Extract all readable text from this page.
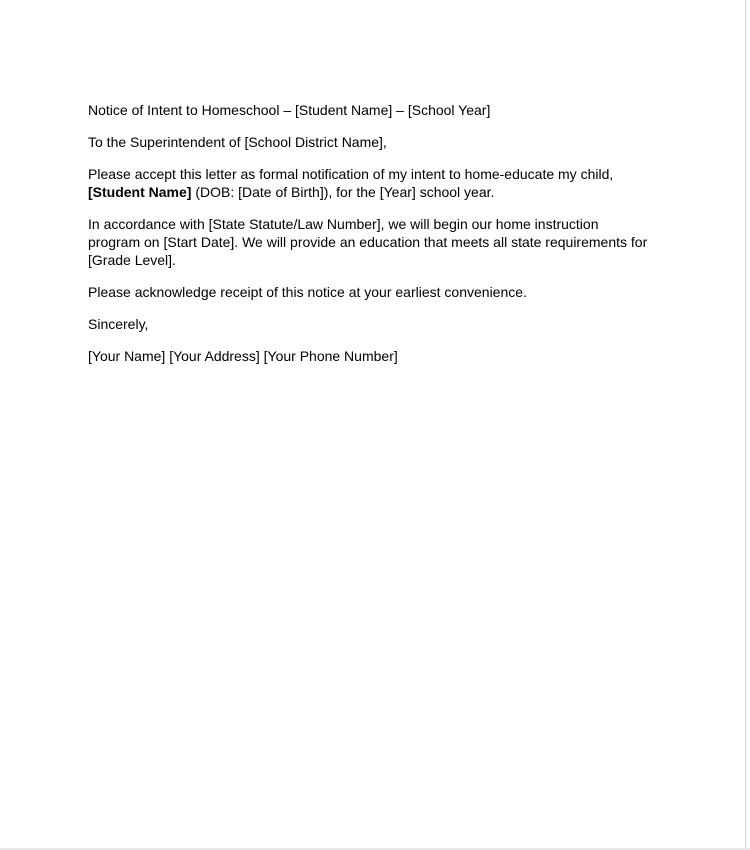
Notice of Intent to Homeschool – [Student Name] – [School Year]

To the Superintendent of [School District Name],

Please accept this letter as formal notification of my intent to home-educate my child, [Student Name] (DOB: [Date of Birth]), for the [Year] school year.

In accordance with [State Statute/Law Number], we will begin our home instruction program on [Start Date]. We will provide an education that meets all state requirements for [Grade Level].

Please acknowledge receipt of this notice at your earliest convenience.

Sincerely,

[Your Name] [Your Address] [Your Phone Number]
